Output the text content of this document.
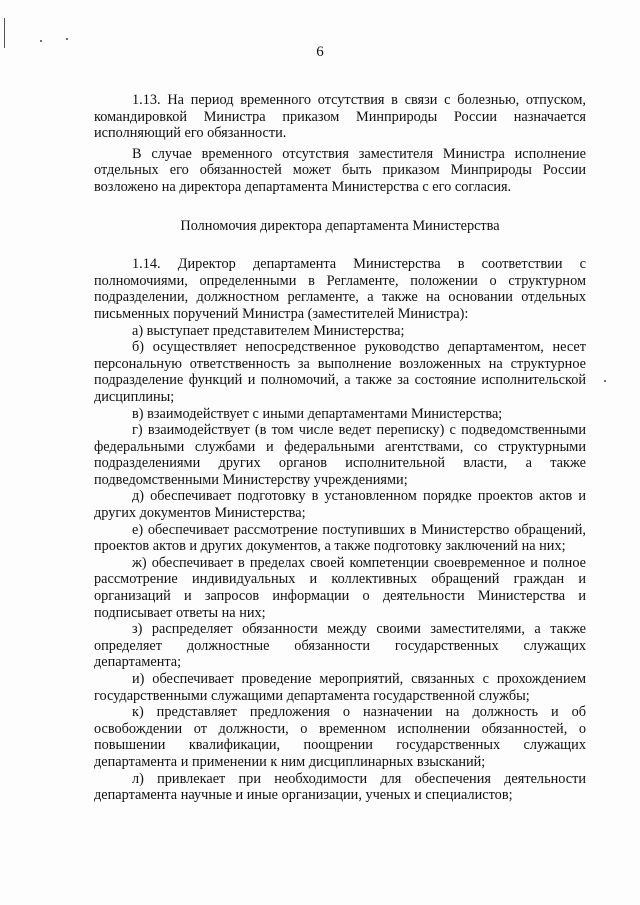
6

1.13. На период временного отсутствия в связи с болезнью, отпуском, командировкой Министра приказом Минприроды России назначается исполняющий его обязанности.

В случае временного отсутствия заместителя Министра исполнение отдельных его обязанностей может быть приказом Минприроды России возложено на директора департамента Министерства с его согласия.

Полномочия директора департамента Министерства

1.14. Директор департамента Министерства в соответствии с полномочиями, определенными в Регламенте, положении о структурном подразделении, должностном регламенте, а также на основании отдельных письменных поручений Министра (заместителей Министра):

а) выступает представителем Министерства;

б) осуществляет непосредственное руководство департаментом, несет персональную ответственность за выполнение возложенных на структурное подразделение функций и полномочий, а также за состояние исполнительской дисциплины;

в) взаимодействует с иными департаментами Министерства;

г) взаимодействует (в том числе ведет переписку) с подведомственными федеральными службами и федеральными агентствами, со структурными подразделениями других органов исполнительной власти, а также подведомственными Министерству учреждениями;

д) обеспечивает подготовку в установленном порядке проектов актов и других документов Министерства;

е) обеспечивает рассмотрение поступивших в Министерство обращений, проектов актов и других документов, а также подготовку заключений на них;

ж) обеспечивает в пределах своей компетенции своевременное и полное рассмотрение индивидуальных и коллективных обращений граждан и организаций и запросов информации о деятельности Министерства и подписывает ответы на них;

з) распределяет обязанности между своими заместителями, а также определяет должностные обязанности государственных служащих департамента;

и) обеспечивает проведение мероприятий, связанных с прохождением государственными служащими департамента государственной службы;

к) представляет предложения о назначении на должность и об освобождении от должности, о временном исполнении обязанностей, о повышении квалификации, поощрении государственных служащих департамента и применении к ним дисциплинарных взысканий;

л) привлекает при необходимости для обеспечения деятельности департамента научные и иные организации, ученых и специалистов;
